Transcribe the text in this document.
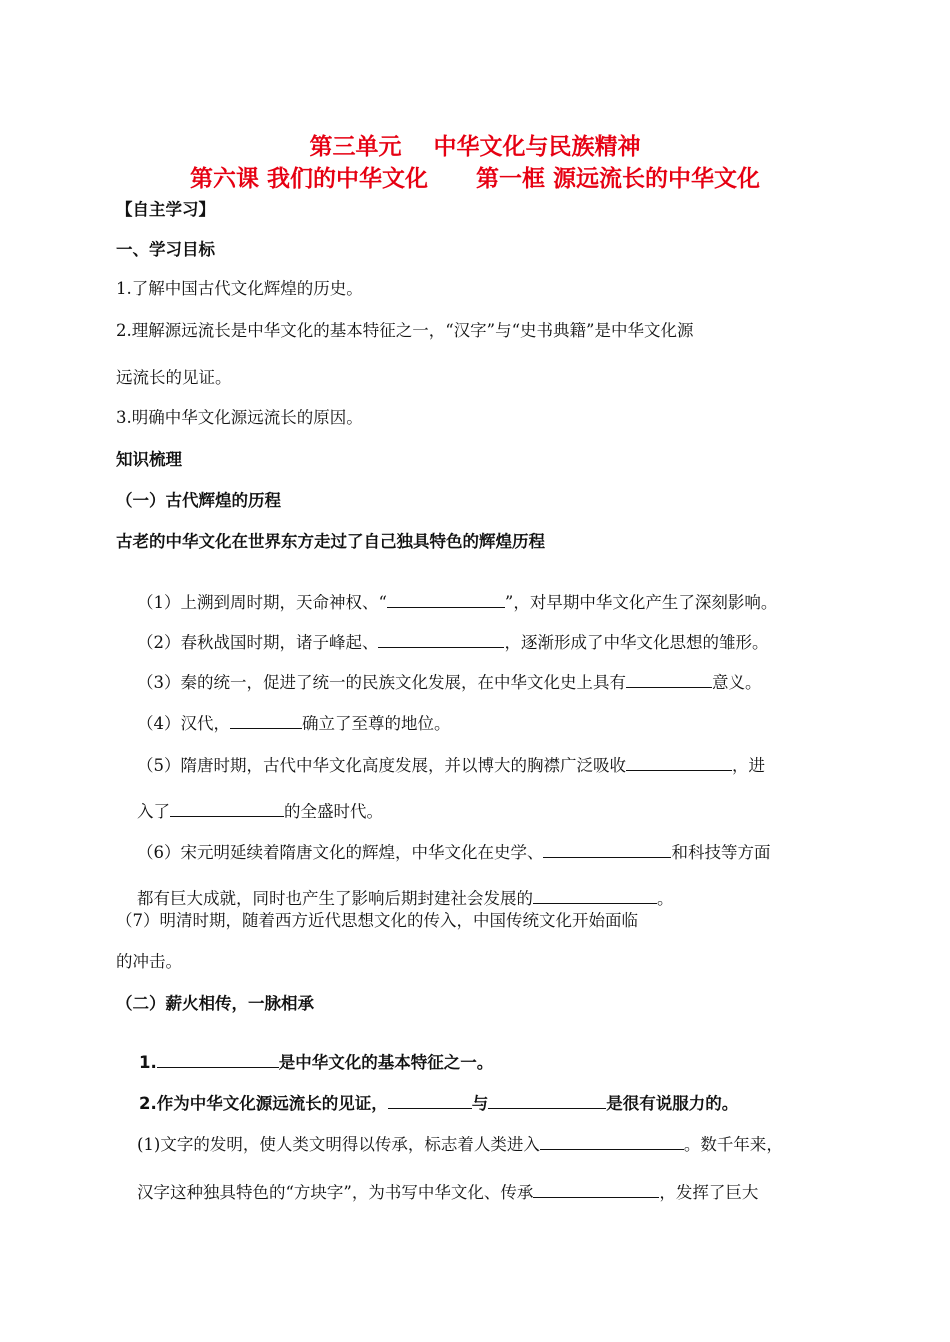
第三单元    中华文化与民族精神
第六课 我们的中华文化      第一框 源远流长的中华文化
【自主学习】
一、学习目标
1.了解中国古代文化辉煌的历史。
2.理解源远流长是中华文化的基本特征之一，“汉字”与“史书典籍”是中华文化源
远流长的见证。
3.明确中华文化源远流长的原因。
知识梳理
（一）古代辉煌的历程
古老的中华文化在世界东方走过了自己独具特色的辉煌历程

（1）上溯到周时期，天命神权、“	”，对早期中华文化产生了深刻影响。

（2）春秋战国时期，诸子峰起、	，逐渐形成了中华文化思想的雏形。

（3）秦的统一，促进了统一的民族文化发展，在中华文化史上具有	意义。

（4）汉代，	确立了至尊的地位。

（5）隋唐时期，古代中华文化高度发展，并以博大的胸襟广泛吸收	，进

入了	的全盛时代。

（6）宋元明延续着隋唐文化的辉煌，中华文化在史学、	和科技等方面

都有巨大成就，同时也产生了影响后期封建社会发展的	。

（7）明清时期，随着西方近代思想文化的传入，中国传统文化开始面临
的冲击。
（二）薪火相传，一脉相承

1.	是中华文化的基本特征之一。

2.作为中华文化源远流长的见证，	与	是很有说服力的。

(1)文字的发明，使人类文明得以传承，标志着人类进入	。数千年来，

汉字这种独具特色的“方块字”，为书写中华文化、传承	，发挥了巨大
